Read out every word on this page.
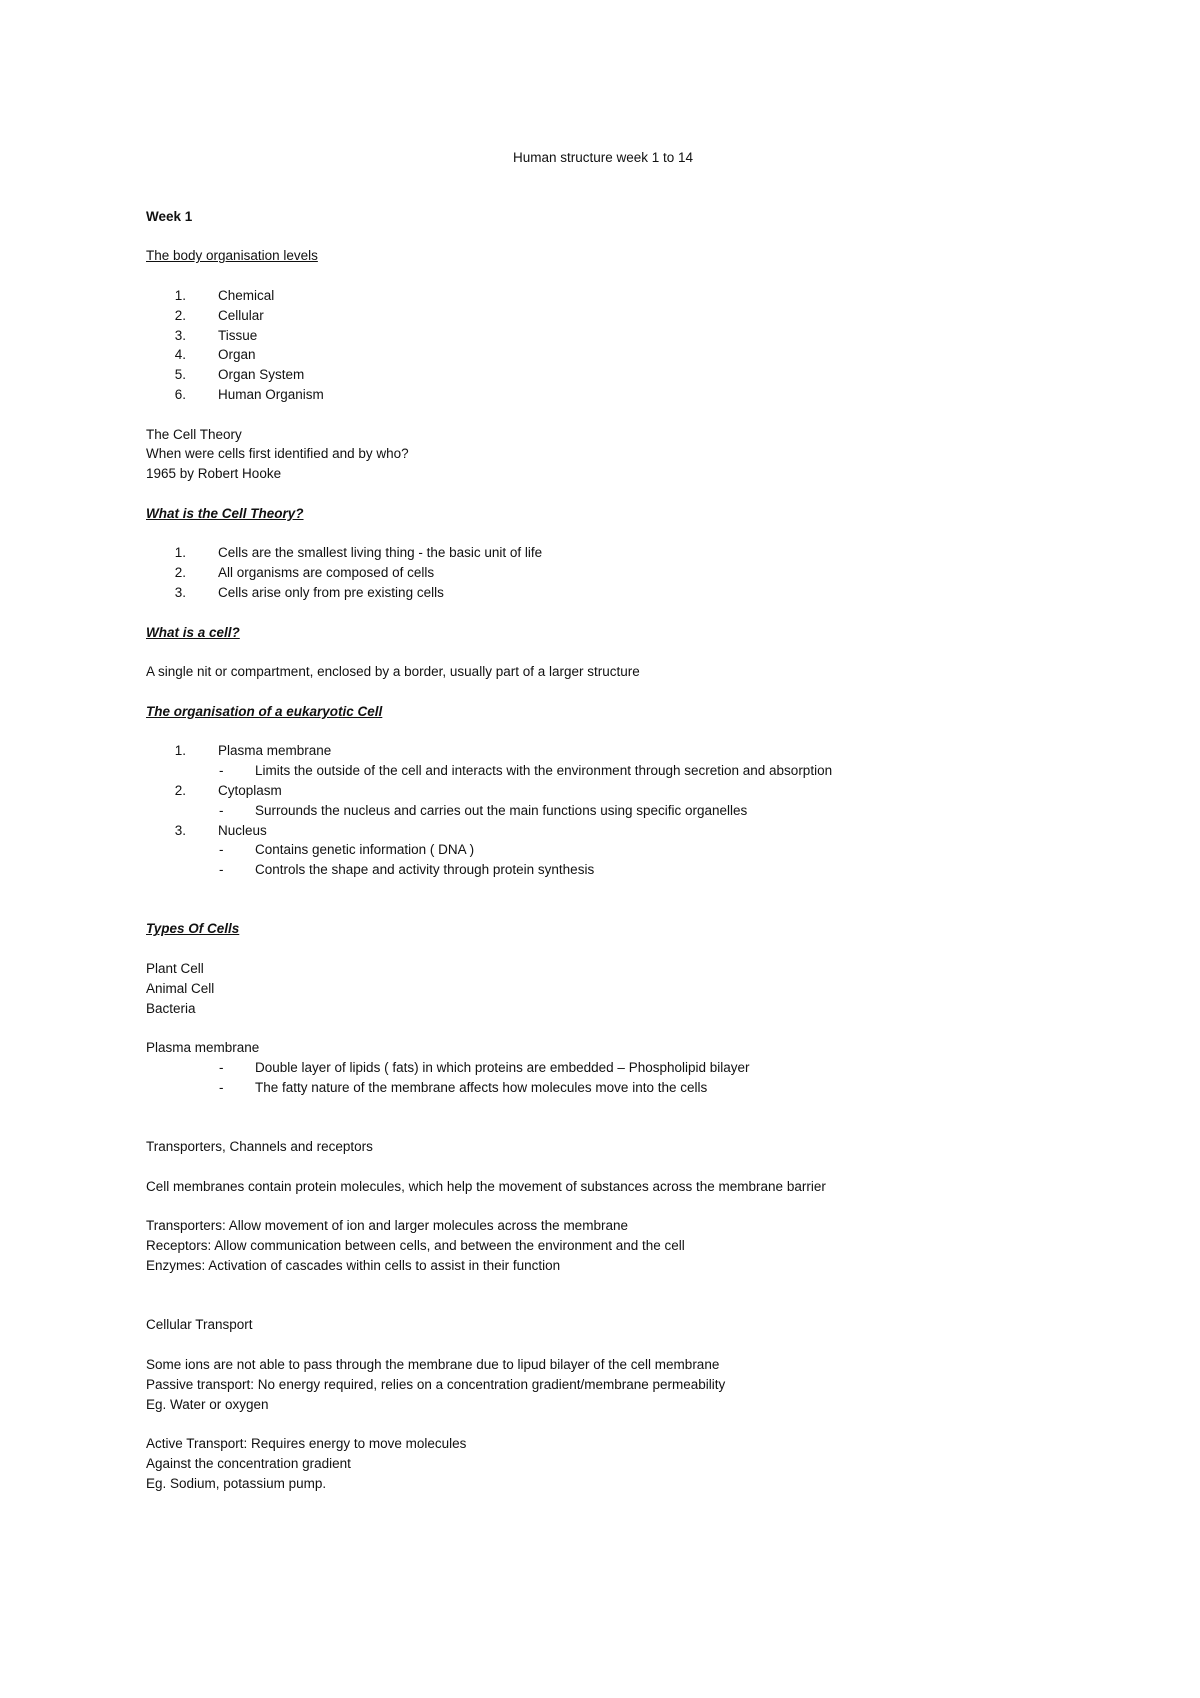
Human structure week 1 to 14

Week 1

The body organisation levels

1.	Chemical
2.	Cellular
3.	Tissue
4.	Organ
5.	Organ System
6.	Human Organism

The Cell Theory

When were cells first identified and by who?

1965 by Robert Hooke

What is the Cell Theory?

1.	Cells are the smallest living thing - the basic unit of life
2.	All organisms are composed of cells
3.	Cells arise only from pre existing cells

What is a cell?

A single nit or compartment, enclosed by a border, usually part of a larger structure

The organisation of a eukaryotic Cell

1.	Plasma membrane
-	Limits the outside of the cell and interacts with the environment through secretion and absorption
2.	Cytoplasm
-	Surrounds the nucleus and carries out the main functions using specific organelles
3.	Nucleus
-	Contains genetic information ( DNA )
-	Controls the shape and activity through protein synthesis

Types Of Cells

Plant Cell

Animal Cell

Bacteria

Plasma membrane

-	Double layer of lipids ( fats) in which proteins are embedded – Phospholipid bilayer
-	The fatty nature of the membrane affects how molecules move into the cells

Transporters, Channels and receptors

Cell membranes contain protein molecules, which help the movement of substances across the membrane barrier

Transporters: Allow movement of ion and larger molecules across the membrane

Receptors: Allow communication between cells, and between the environment and the cell

Enzymes: Activation of cascades within cells to assist in their function

Cellular Transport

Some ions are not able to pass through the membrane due to lipud bilayer of the cell membrane

Passive transport: No energy required, relies on a concentration gradient/membrane permeability

Eg. Water or oxygen

Active Transport: Requires energy to move molecules

Against the concentration gradient

Eg. Sodium, potassium pump.
